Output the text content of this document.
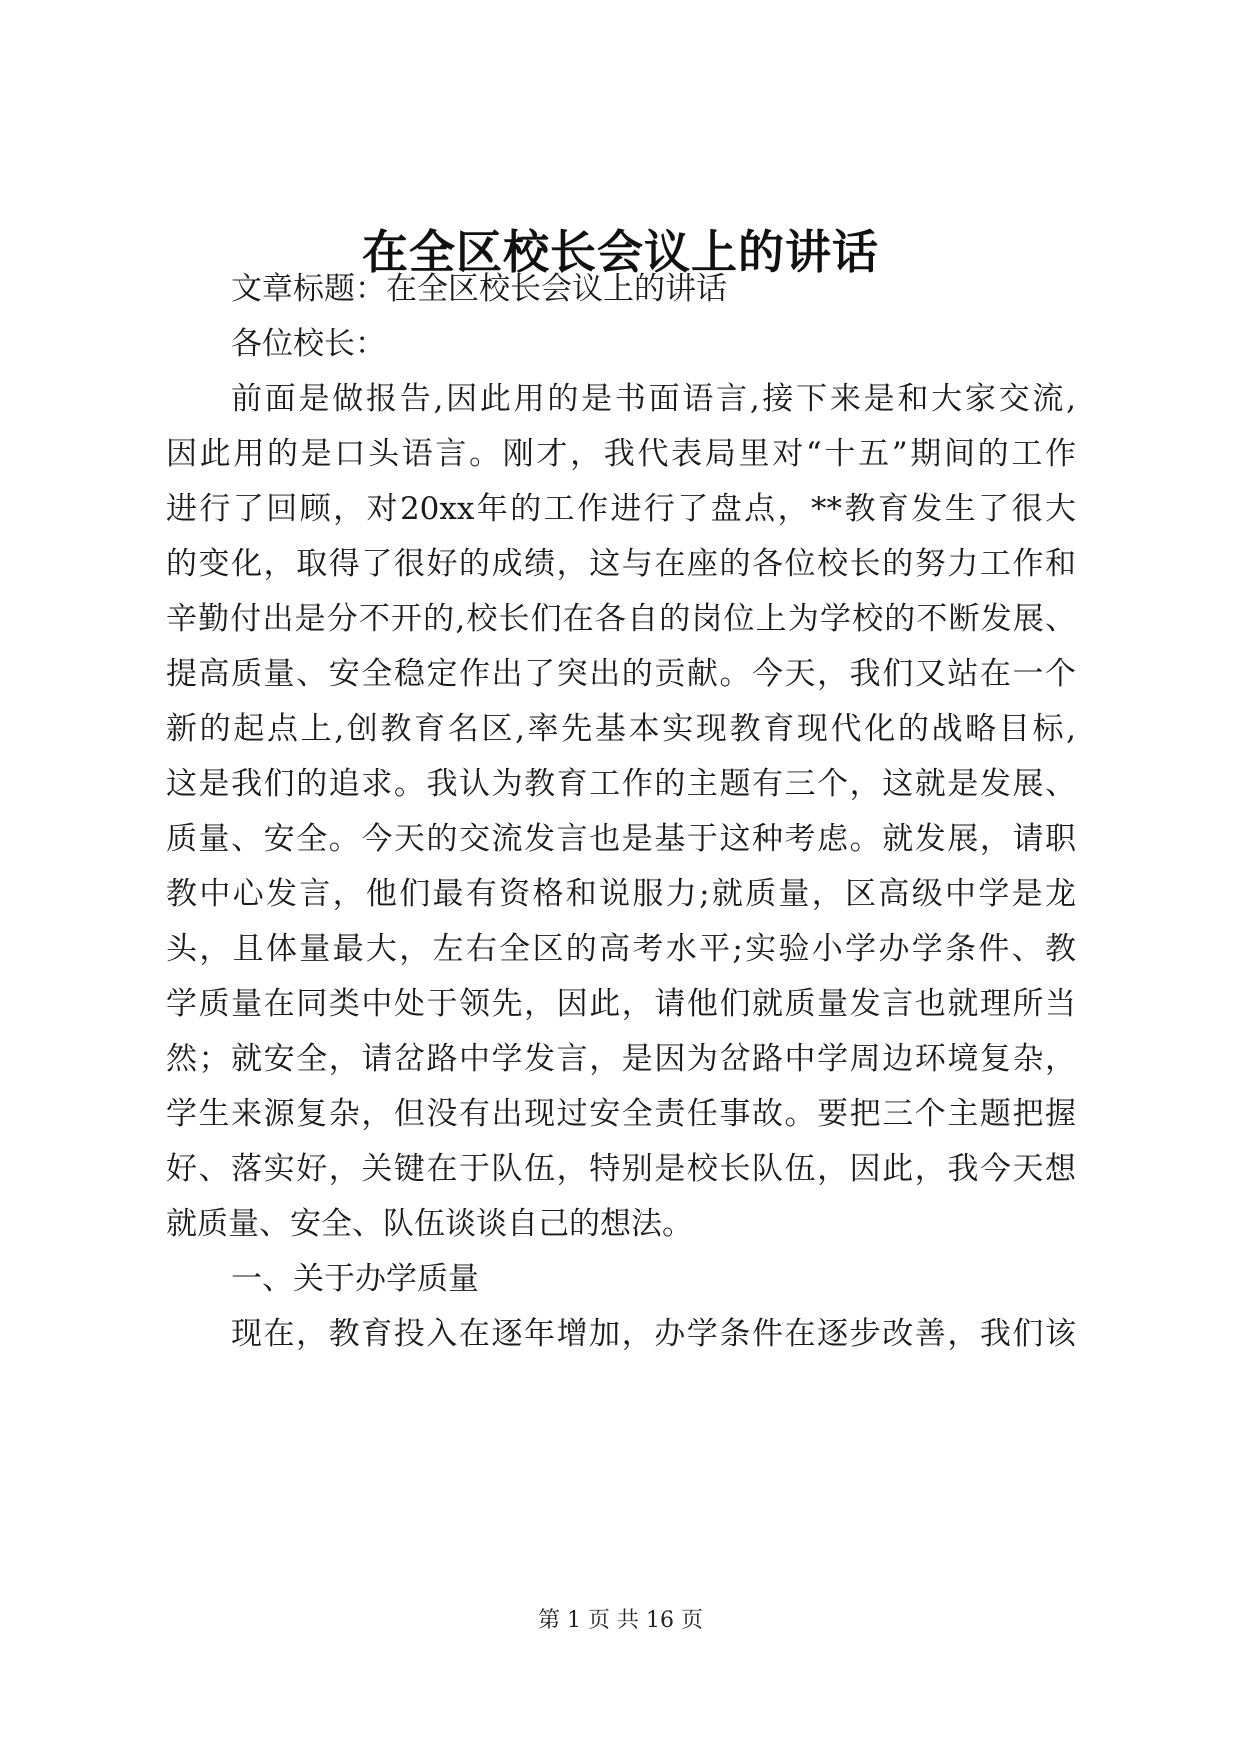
在全区校长会议上的讲话
文章标题：在全区校长会议上的讲话
各位校长：
前面是做报告,因此用的是书面语言,接下来是和大家交流,
因此用的是口头语言。刚才，我代表局里对“十五”期间的工作
进行了回顾，对20xx年的工作进行了盘点，**教育发生了很大
的变化，取得了很好的成绩，这与在座的各位校长的努力工作和
辛勤付出是分不开的,校长们在各自的岗位上为学校的不断发展、
提高质量、安全稳定作出了突出的贡献。今天，我们又站在一个
新的起点上,创教育名区,率先基本实现教育现代化的战略目标,
这是我们的追求。我认为教育工作的主题有三个，这就是发展、
质量、安全。今天的交流发言也是基于这种考虑。就发展，请职
教中心发言，他们最有资格和说服力;就质量，区高级中学是龙
头，且体量最大，左右全区的高考水平;实验小学办学条件、教
学质量在同类中处于领先，因此，请他们就质量发言也就理所当
然；就安全，请岔路中学发言，是因为岔路中学周边环境复杂，
学生来源复杂，但没有出现过安全责任事故。要把三个主题把握
好、落实好，关键在于队伍，特别是校长队伍，因此，我今天想
就质量、安全、队伍谈谈自己的想法。
一、关于办学质量
现在，教育投入在逐年增加，办学条件在逐步改善，我们该
第 1 页 共 16 页
